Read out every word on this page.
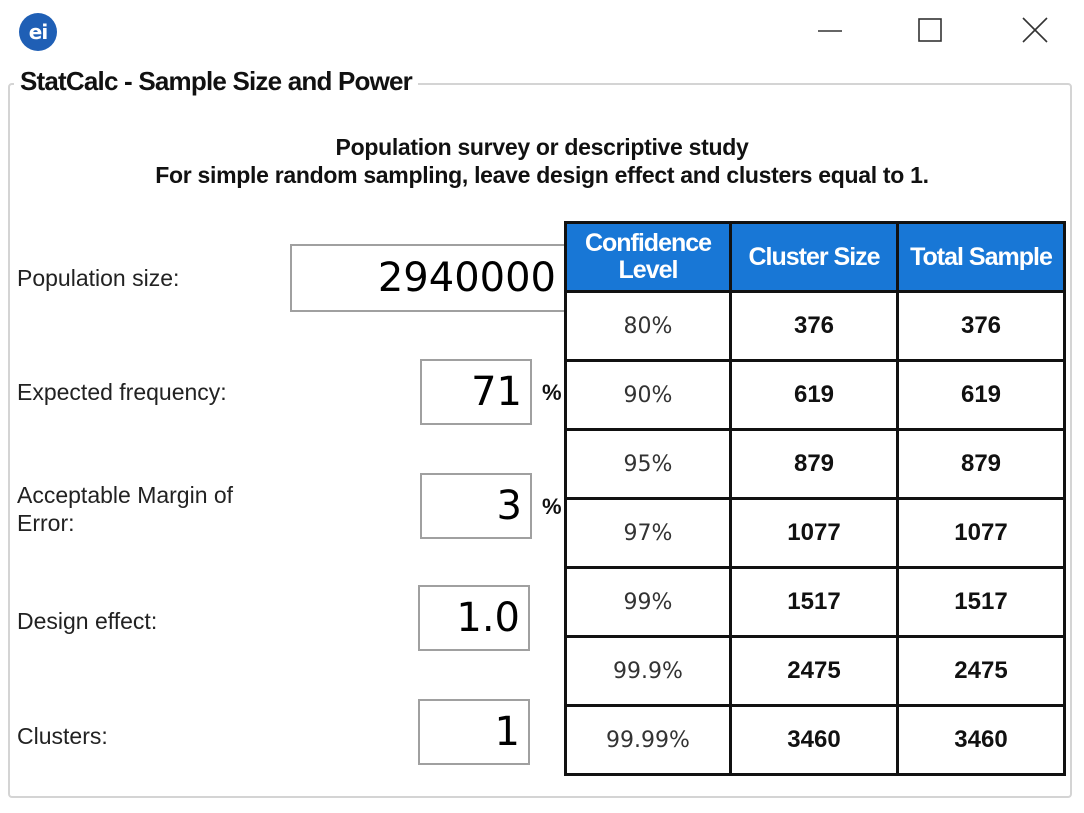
ei
StatCalc - Sample Size and Power
Population survey or descriptive study
For simple random sampling, leave design effect and clusters equal to 1.
Population size:	2940000
Expected frequency:	71 %
Acceptable Margin of Error:	3 %
Design effect:	1.0
Clusters:	1
Confidence Level	Cluster Size	Total Sample
80%	376	376
90%	619	619
95%	879	879
97%	1077	1077
99%	1517	1517
99.9%	2475	2475
99.99%	3460	3460
